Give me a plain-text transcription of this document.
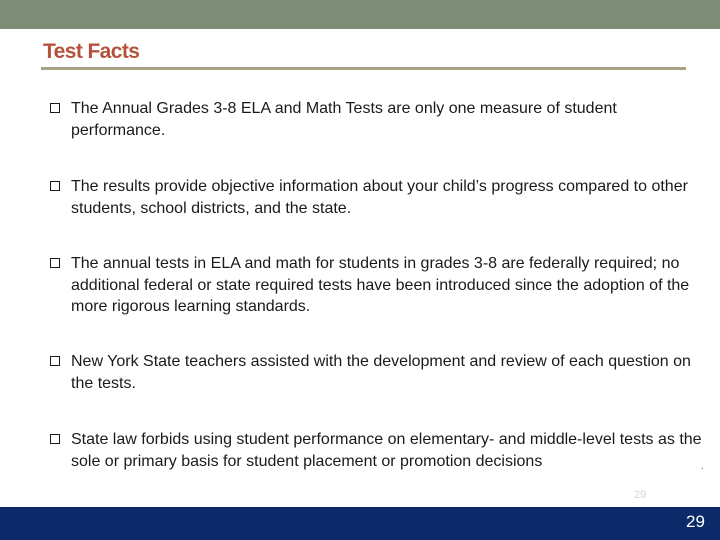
Test Facts
The Annual Grades 3-8 ELA and Math Tests are only one measure of student performance.
The results provide objective information about your child’s progress compared to other students, school districts, and the state.
The annual tests in ELA and math for students in grades 3-8 are federally required; no additional federal or state required tests have been introduced since the adoption of the more rigorous learning standards.
New York State teachers assisted with the development and review of each question on the tests.
State law forbids using student performance on elementary- and middle-level tests as the sole or primary basis for student placement or promotion decisions	.
29
29
